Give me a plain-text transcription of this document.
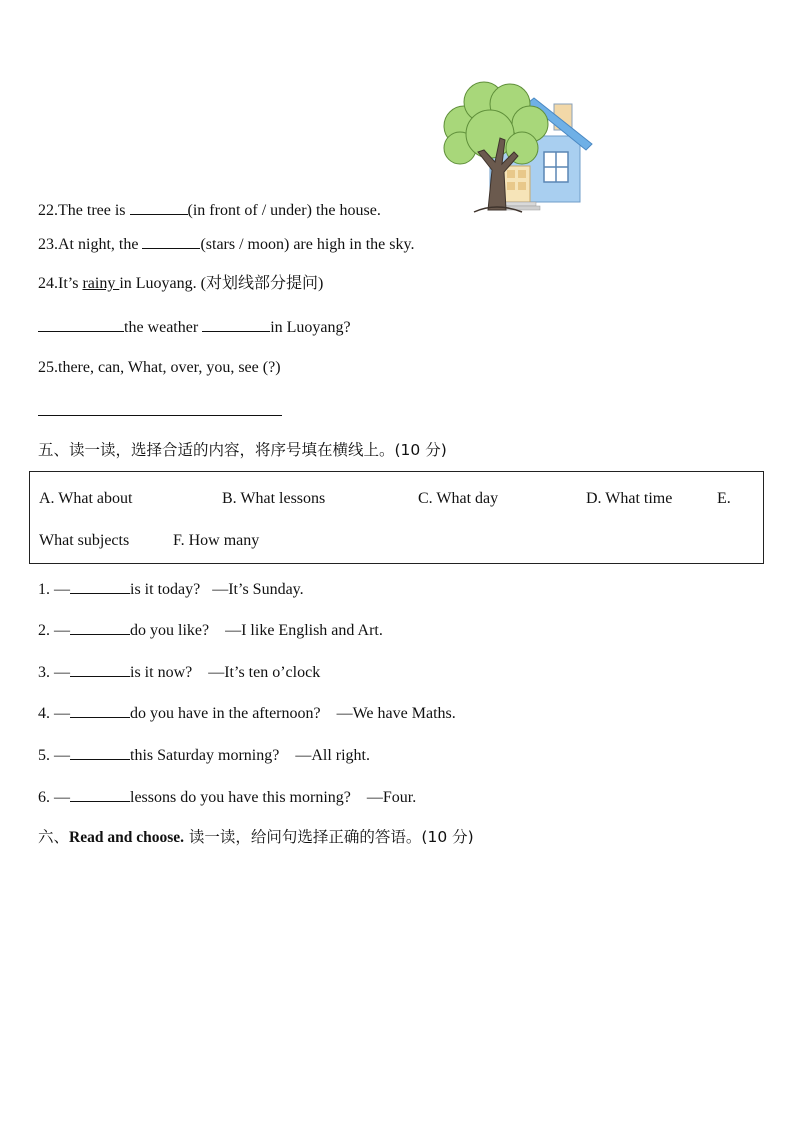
22.The tree is	(in front of / under) the house.
23.At night, the	(stars / moon) are high in the sky.
24.It’s rainy in Luoyang. (对划线部分提问)
the weather	in Luoyang?
25.there, can, What, over, you, see (?)
五、读一读，选择合适的内容，将序号填在横线上。(10 分)
A. What about	B. What lessons	C. What day	D. What time	E.
What subjects	F. How many
1. —	is it today? —It’s Sunday.
2. —	do you like? —I like English and Art.
3. —	is it now? —It’s ten o’clock
4. —	do you have in the afternoon? —We have Maths.
5. —	this Saturday morning? —All right.
6. —	lessons do you have this morning? —Four.
六、Read and choose. 读一读，给问句选择正确的答语。(10 分)
